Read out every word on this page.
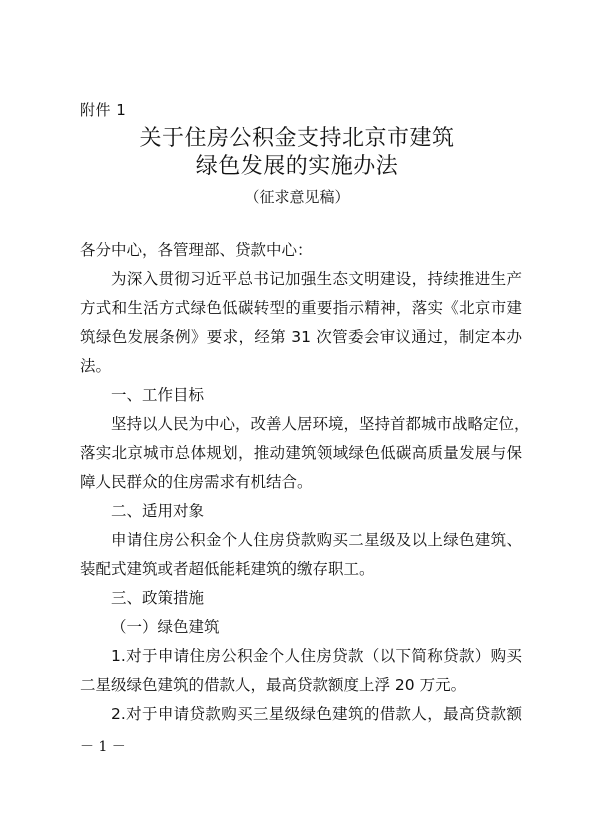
附件 1
关于住房公积金支持北京市建筑
绿色发展的实施办法
（征求意见稿）
各分中心，各管理部、贷款中心：
为深入贯彻习近平总书记加强生态文明建设，持续推进生产
方式和生活方式绿色低碳转型的重要指示精神，落实《北京市建
筑绿色发展条例》要求，经第 31 次管委会审议通过，制定本办
法。
一、工作目标
坚持以人民为中心，改善人居环境，坚持首都城市战略定位，
落实北京城市总体规划，推动建筑领域绿色低碳高质量发展与保
障人民群众的住房需求有机结合。
二、适用对象
申请住房公积金个人住房贷款购买二星级及以上绿色建筑、
装配式建筑或者超低能耗建筑的缴存职工。
三、政策措施
（一）绿色建筑
1.对于申请住房公积金个人住房贷款（以下简称贷款）购买
二星级绿色建筑的借款人，最高贷款额度上浮 20 万元。
2.对于申请贷款购买三星级绿色建筑的借款人，最高贷款额
－ 1 －
